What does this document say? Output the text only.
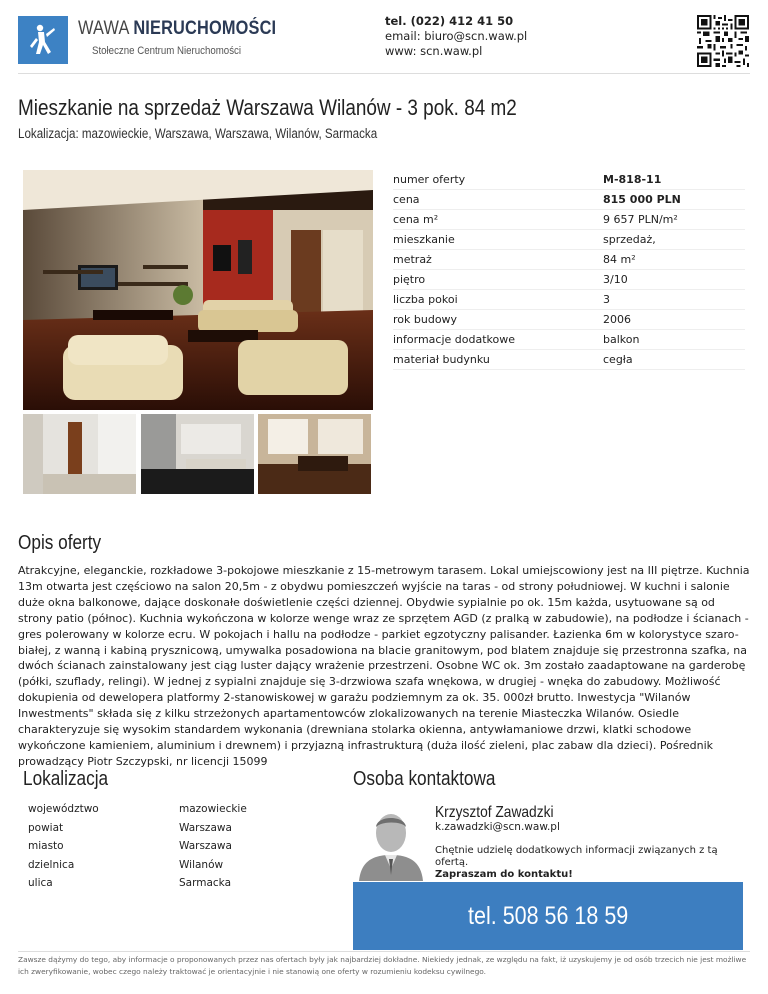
WAWA NIERUCHOMOŚCI
Stołeczne Centrum Nieruchomości
tel. (022) 412 41 50
email: biuro@scn.waw.pl
www: scn.waw.pl
Mieszkanie na sprzedaż Warszawa Wilanów - 3 pok. 84 m2
Lokalizacja: mazowieckie, Warszawa, Warszawa, Wilanów, Sarmacka
numer oferty	M-818-11
cena	815 000 PLN
cena m²	9 657 PLN/m²
mieszkanie	sprzedaż,
metraż	84 m²
piętro	3/10
liczba pokoi	3
rok budowy	2006
informacje dodatkowe	balkon
materiał budynku	cegła
Opis oferty
Atrakcyjne, eleganckie, rozkładowe 3-pokojowe mieszkanie z 15-metrowym tarasem. Lokal umiejscowiony jest na III piętrze. Kuchnia 13m otwarta jest częściowo na salon 20,5m - z obydwu pomieszczeń wyjście na taras - od strony południowej. W kuchni i salonie duże okna balkonowe, dające doskonałe doświetlenie części dziennej. Obydwie sypialnie po ok. 15m każda, usytuowane są od strony patio (północ). Kuchnia wykończona w kolorze wenge wraz ze sprzętem AGD (z pralką w zabudowie), na podłodze i ścianach - gres polerowany w kolorze ecru. W pokojach i hallu na podłodze - parkiet egzotyczny palisander. Łazienka 6m w kolorystyce szaro-białej, z wanną i kabiną prysznicową, umywalka posadowiona na blacie granitowym, pod blatem znajduje się przestronna szafka, na dwóch ścianach zainstalowany jest ciąg luster dający wrażenie przestrzeni. Osobne WC ok. 3m zostało zaadaptowane na garderobę (półki, szuflady, relingi). W jednej z sypialni znajduje się 3-drzwiowa szafa wnękowa, w drugiej - wnęka do zabudowy. Możliwość dokupienia od dewelopera platformy 2-stanowiskowej w garażu podziemnym za ok. 35. 000zł brutto. Inwestycja "Wilanów Inwestments" składa się z kilku strzeżonych apartamentowców zlokalizowanych na terenie Miasteczka Wilanów. Osiedle charakteryzuje się wysokim standardem wykonania (drewniana stolarka okienna, antywłamaniowe drzwi, klatki schodowe wykończone kamieniem, aluminium i drewnem) i przyjazną infrastrukturą (duża ilość zieleni, plac zabaw dla dzieci). Pośrednik prowadzący Piotr Szczypski, nr licencji 15099
Lokalizacja
województwo	mazowieckie
powiat	Warszawa
miasto	Warszawa
dzielnica	Wilanów
ulica	Sarmacka
Osoba kontaktowa
Krzysztof Zawadzki
k.zawadzki@scn.waw.pl
Chętnie udzielę dodatkowych informacji związanych z tą ofertą.
Zapraszam do kontaktu!
tel. 508 56 18 59
Zawsze dążymy do tego, aby informacje o proponowanych przez nas ofertach były jak najbardziej dokładne. Niekiedy jednak, ze względu na fakt, iż uzyskujemy je od osób trzecich nie jest możliwe ich zweryfikowanie, wobec czego należy traktować je orientacyjnie i nie stanowią one oferty w rozumieniu kodeksu cywilnego.
